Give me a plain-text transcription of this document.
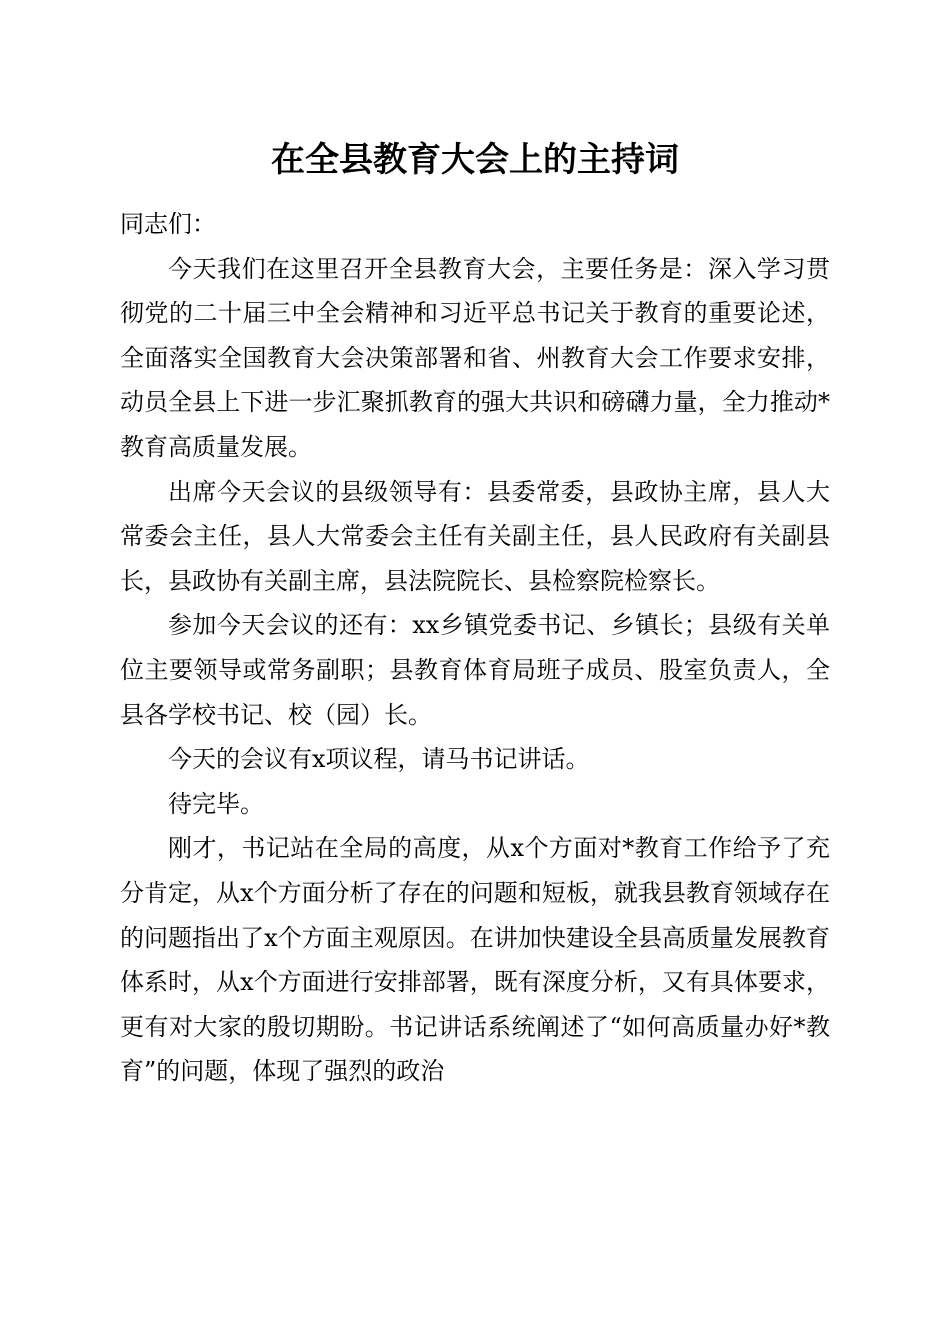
在全县教育大会上的主持词

同志们：

今天我们在这里召开全县教育大会，主要任务是：深入学习贯彻党的二十届三中全会精神和习近平总书记关于教育的重要论述，全面落实全国教育大会决策部署和省、州教育大会工作要求安排，动员全县上下进一步汇聚抓教育的强大共识和磅礴力量，全力推动*教育高质量发展。

出席今天会议的县级领导有：县委常委，县政协主席，县人大常委会主任，县人大常委会主任有关副主任，县人民政府有关副县长，县政协有关副主席，县法院院长、县检察院检察长。

参加今天会议的还有：xx乡镇党委书记、乡镇长；县级有关单位主要领导或常务副职；县教育体育局班子成员、股室负责人，全县各学校书记、校（园）长。

今天的会议有x项议程，请马书记讲话。

待完毕。

刚才，书记站在全局的高度，从x个方面对*教育工作给予了充分肯定，从x个方面分析了存在的问题和短板，就我县教育领域存在的问题指出了x个方面主观原因。在讲加快建设全县高质量发展教育体系时，从x个方面进行安排部署，既有深度分析，又有具体要求，更有对大家的殷切期盼。书记讲话系统阐述了“如何高质量办好*教育”的问题，体现了强烈的政治
